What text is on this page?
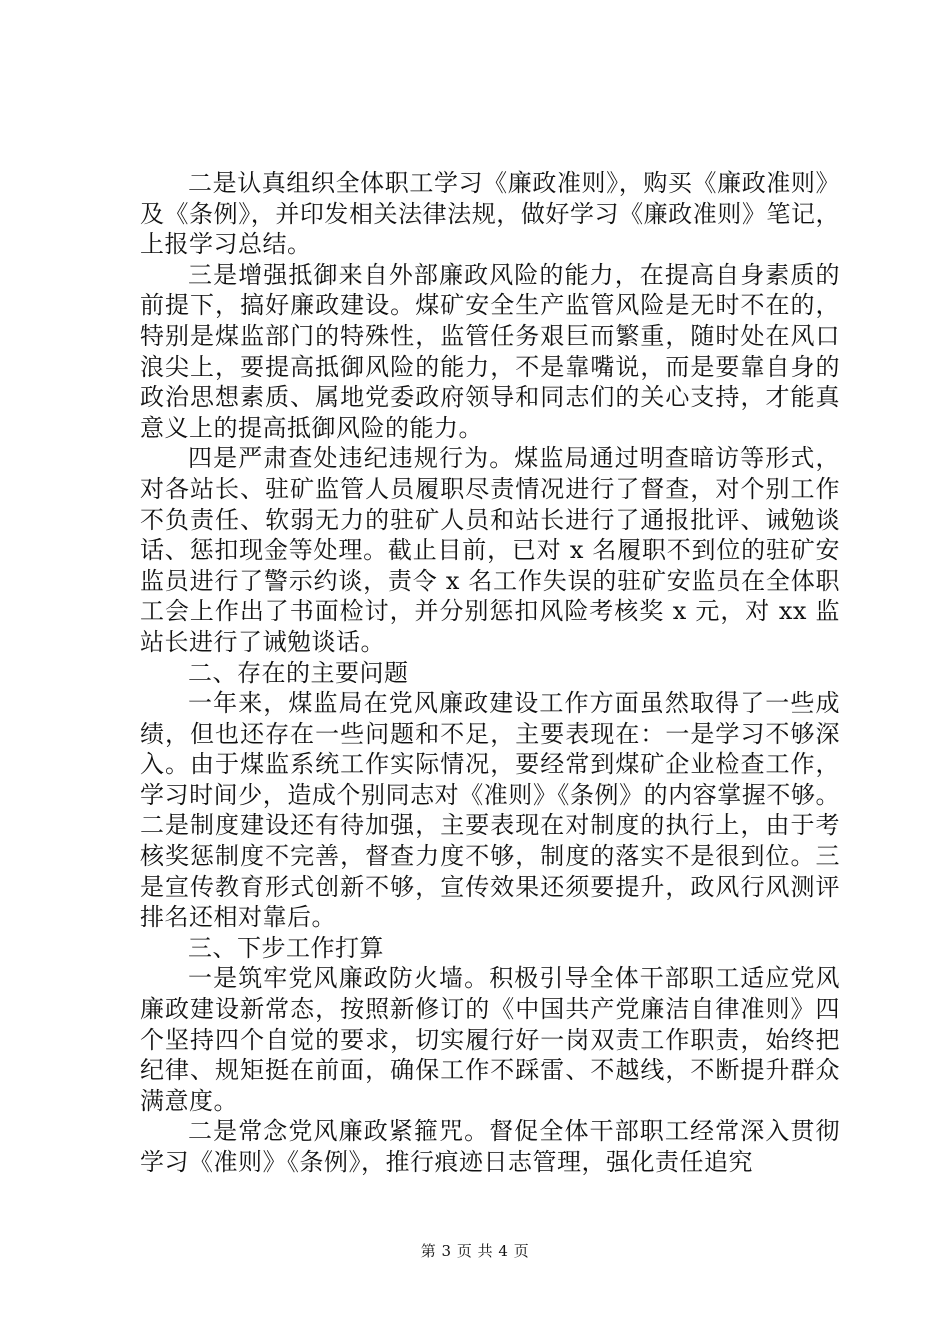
二是认真组织全体职工学习《廉政准则》，购买《廉政准则》及《条例》，并印发相关法律法规，做好学习《廉政准则》笔记，上报学习总结。

三是增强抵御来自外部廉政风险的能力，在提高自身素质的前提下，搞好廉政建设。煤矿安全生产监管风险是无时不在的，特别是煤监部门的特殊性，监管任务艰巨而繁重，随时处在风口浪尖上，要提高抵御风险的能力，不是靠嘴说，而是要靠自身的政治思想素质、属地党委政府领导和同志们的关心支持，才能真意义上的提高抵御风险的能力。

四是严肃查处违纪违规行为。煤监局通过明查暗访等形式，对各站长、驻矿监管人员履职尽责情况进行了督查，对个别工作不负责任、软弱无力的驻矿人员和站长进行了通报批评、诫勉谈话、惩扣现金等处理。截止目前，已对 x 名履职不到位的驻矿安监员进行了警示约谈，责令 x 名工作失误的驻矿安监员在全体职工会上作出了书面检讨，并分别惩扣风险考核奖 x 元，对 xx 监站长进行了诫勉谈话。

二、存在的主要问题

一年来，煤监局在党风廉政建设工作方面虽然取得了一些成绩，但也还存在一些问题和不足，主要表现在：一是学习不够深入。由于煤监系统工作实际情况，要经常到煤矿企业检查工作，学习时间少，造成个别同志对《准则》《条例》的内容掌握不够。二是制度建设还有待加强，主要表现在对制度的执行上，由于考核奖惩制度不完善，督查力度不够，制度的落实不是很到位。三是宣传教育形式创新不够，宣传效果还须要提升，政风行风测评排名还相对靠后。

三、下步工作打算

一是筑牢党风廉政防火墙。积极引导全体干部职工适应党风廉政建设新常态，按照新修订的《中国共产党廉洁自律准则》四个坚持四个自觉的要求，切实履行好一岗双责工作职责，始终把纪律、规矩挺在前面，确保工作不踩雷、不越线，不断提升群众满意度。

二是常念党风廉政紧箍咒。督促全体干部职工经常深入贯彻学习《准则》《条例》，推行痕迹日志管理，强化责任追究

第 3 页 共 4 页
